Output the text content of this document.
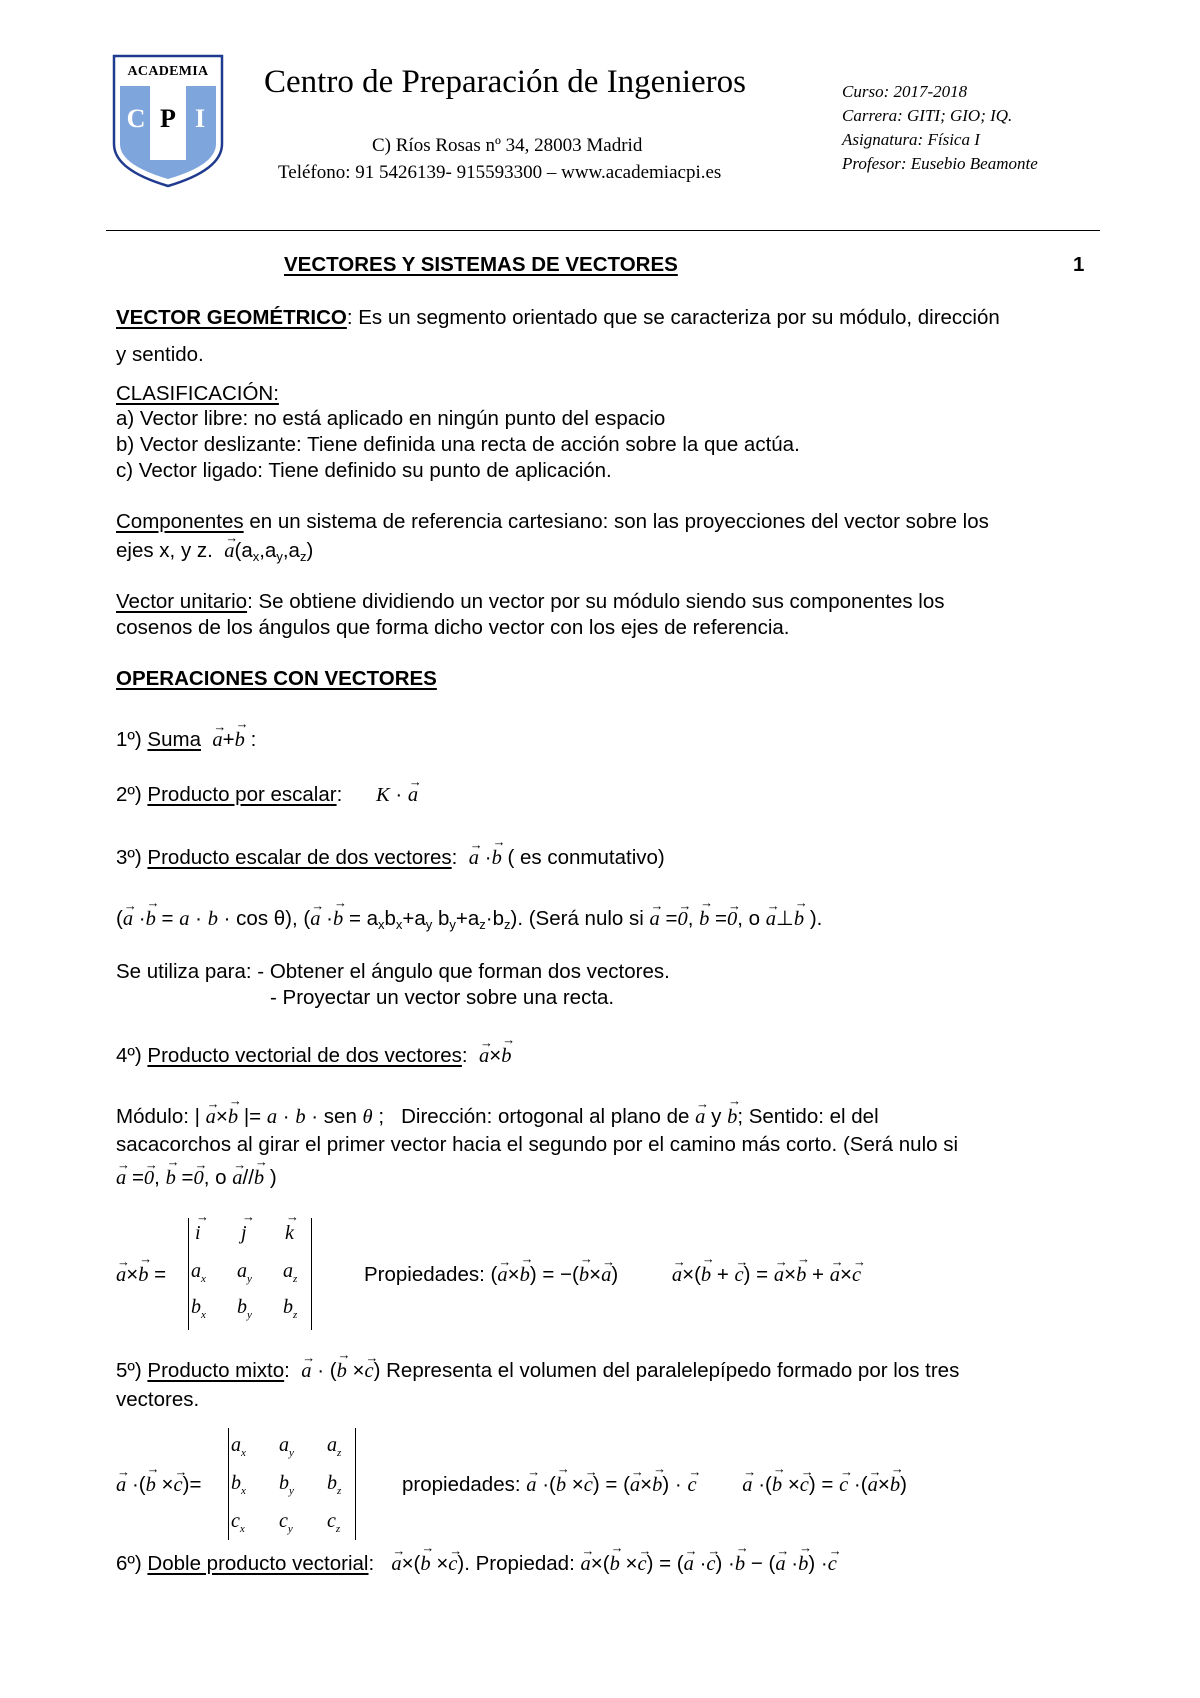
ACADEMIA
C P I
Centro de Preparación de Ingenieros
C) Ríos Rosas nº 34, 28003 Madrid
Teléfono: 91 5426139- 915593300 – www.academiacpi.es
Curso: 2017-2018
Carrera: GITI; GIO; IQ.
Asignatura: Física I
Profesor: Eusebio Beamonte
VECTORES Y SISTEMAS DE VECTORES	1
VECTOR GEOMÉTRICO: Es un segmento orientado que se caracteriza por su módulo, dirección
y sentido.
CLASIFICACIÓN:
a) Vector libre: no está aplicado en ningún punto del espacio
b) Vector deslizante: Tiene definida una recta de acción sobre la que actúa.
c) Vector ligado: Tiene definido su punto de aplicación.
Componentes en un sistema de referencia cartesiano: son las proyecciones del vector sobre los
ejes x, y z. → $a(a_x,a_y,a_z)$
Vector unitario: Se obtiene dividiendo un vector por su módulo siendo sus componentes los
cosenos de los ángulos que forma dicho vector con los ejes de referencia.
OPERACIONES CON VECTORES
1º) Suma → a+→ b :
2º) Producto por escalar: K · → a
3º) Producto escalar de dos vectores:  → a ·→ b ( es conmutativo)
(→ a ·→ b = a · b · cos θ), (→ $a \cdot\to b = a_xb_x+a_y$ $b_y+a_z\cdot b_z$). (Será nulo si → a =→ 0, → b =→ 0, o → a⊥→ b ).
Se utiliza para: - Obtener el ángulo que forman dos vectores.
- Proyectar un vector sobre una recta.
4º) Producto vectorial de dos vectores:  → a×→ b
Módulo: | → a×→ b |= a · b · sen θ ; Dirección: ortogonal al plano de → a y → b; Sentido: el del
sacacorchos al girar el primer vector hacia el segundo por el camino más corto. (Será nulo si
→ a =→ 0, → b =→ 0, o → a//→ b )
→ a×→ b =
→ i → j → k
$a_x$ $a_y$ $a_z$
$b_x$ $b_y$ $b_z$
Propiedades: (→ a×→ b) = −(→ b×→ a) → a×(→ b + → c) = → a×→ b + → a×→ c
5º) Producto mixto:  → a · (→ b ×→ c) Representa el volumen del paralelepípedo formado por los tres
vectores.
→ a ·(→ b ×→ c)=
$a_x$ $a_y$ $a_z$
$b_x$ $b_y$ $b_z$
$c_x$ $c_y$ $c_z$
propiedades: → a ·(→ b ×→ c) = (→ a×→ b) · → c → a ·(→ b ×→ c) = → c ·(→ a×→ b)
6º) Doble producto vectorial:   → a×(→ b ×→ c). Propiedad: → a×(→ b ×→ c) = (→ a ·→ c) ·→ b − (→ a ·→ b) ·→ c
